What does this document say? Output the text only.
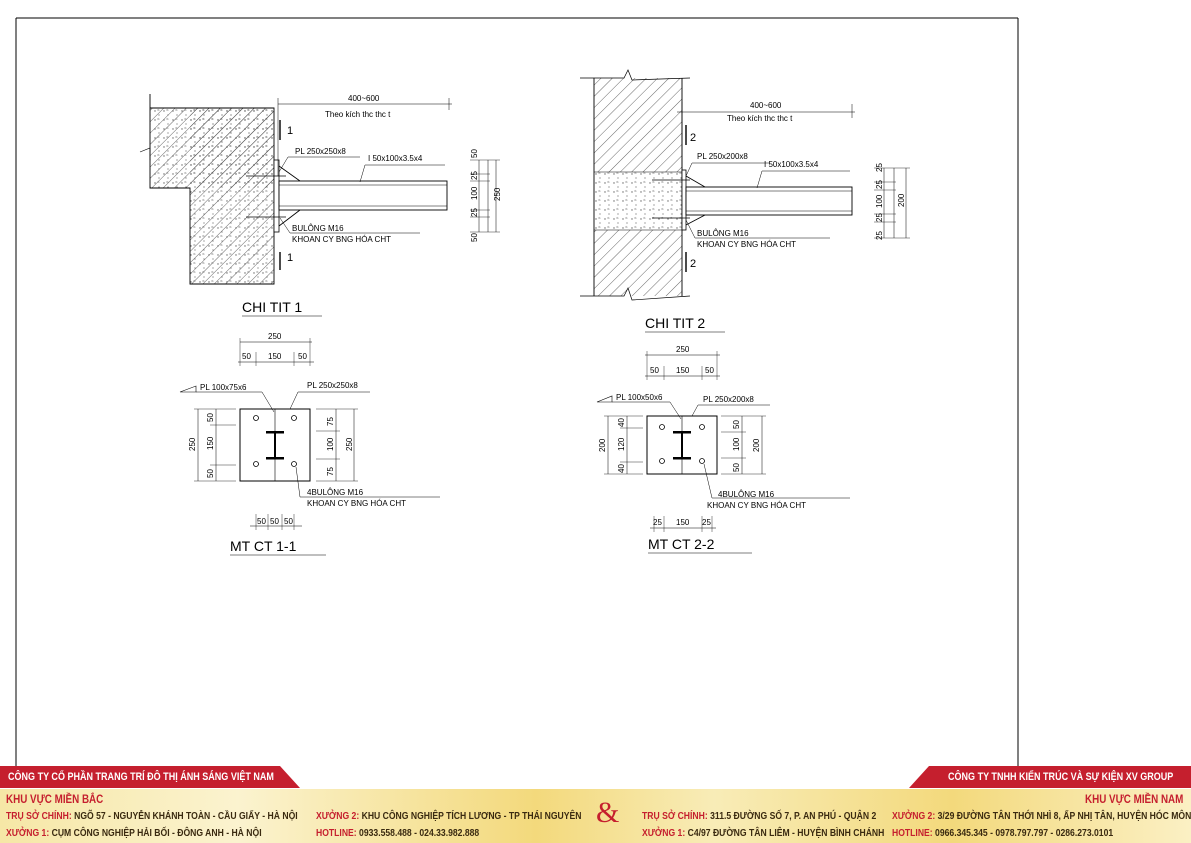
400~600
Theo kích thc thc t
1
1
PL 250x250x8
I 50x100x3.5x4
BULÔNG M16
KHOAN CY BNG HÓA CHT
50
25
100
25
50
250
CHI TIT 1
400~600
Theo kích thc thc t
2
2
PL 250x200x8
I 50x100x3.5x4
BULÔNG M16
KHOAN CY BNG HÓA CHT
25
25
100
25
25
200
CHI TIT 2
250
50 150 50
PL 100x75x6	PL 250x250x8
4BULÔNG M16
KHOAN CY BNG HÓA CHT
250
50
150
50
75
100
75
250
50 50 50
MT CT 1-1
250
50 150 50
PL 100x50x6	PL 250x200x8
4BULÔNG M16
KHOAN CY BNG HÓA CHT
200
40
120
40
50
100
50
200
25 150 25
MT CT 2-2
CÔNG TY CỔ PHẦN TRANG TRÍ ĐÔ THỊ ÁNH SÁNG VIỆT NAM	CÔNG TY TNHH KIẾN TRÚC VÀ SỰ KIỆN XV GROUP
KHU VỰC MIỀN BẮC	KHU VỰC MIỀN NAM
TRỤ SỞ CHÍNH: NGÕ 57 - NGUYỄN KHÁNH TOÀN - CẦU GIẤY - HÀ NỘI
XƯỞNG 1: CỤM CÔNG NGHIỆP HẢI BỐI - ĐÔNG ANH - HÀ NỘI
XƯỞNG 2: KHU CÔNG NGHIỆP TÍCH LƯƠNG - TP THÁI NGUYÊN
HOTLINE: 0933.558.488 - 024.33.982.888
& TRỤ SỞ CHÍNH: 311.5 ĐƯỜNG SỐ 7, P. AN PHÚ - QUẬN 2
XƯỞNG 1: C4/97 ĐƯỜNG TÂN LIÊM - HUYỆN BÌNH CHÁNH
XƯỞNG 2: 3/29 ĐƯỜNG TÂN THỚI NHÌ 8, ẤP NHỊ TÂN, HUYỆN HÓC MÔN
HOTLINE: 0966.345.345 - 0978.797.797 - 0286.273.0101
